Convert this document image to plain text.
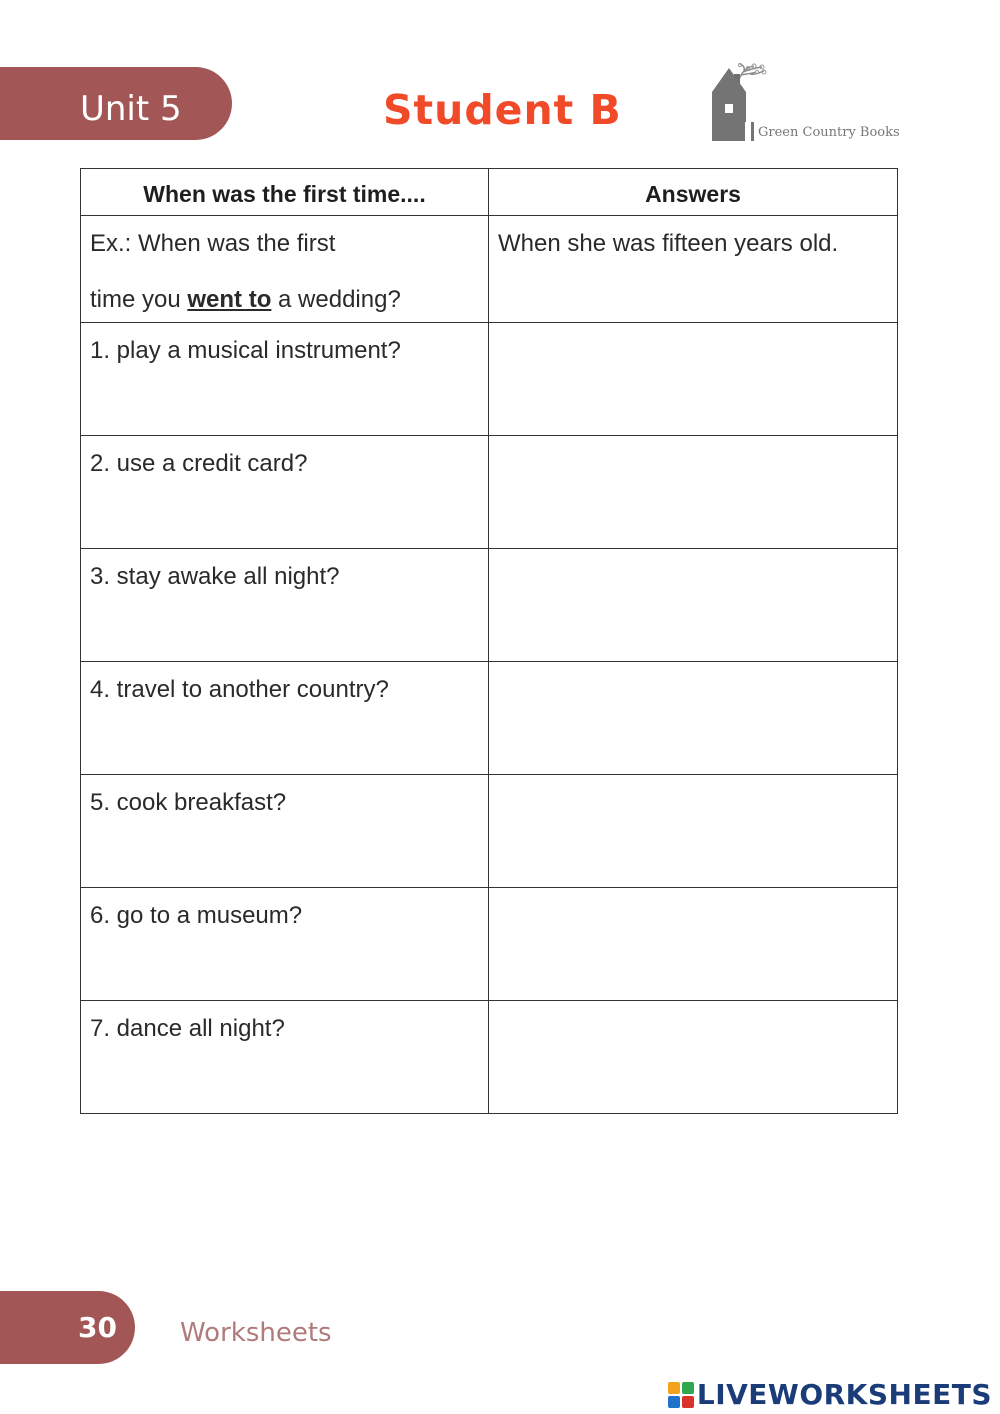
Unit 5	Student B	Green Country Books
When was the first time....	Answers
Ex.: When was the first
time you went to a wedding?	When she was fifteen years old.
1. play a musical instrument?	
2. use a credit card?	
3. stay awake all night?	
4. travel to another country?	
5. cook breakfast?	
6. go to a museum?	
7. dance all night?	
30 Worksheets
LIVEWORKSHEETS
